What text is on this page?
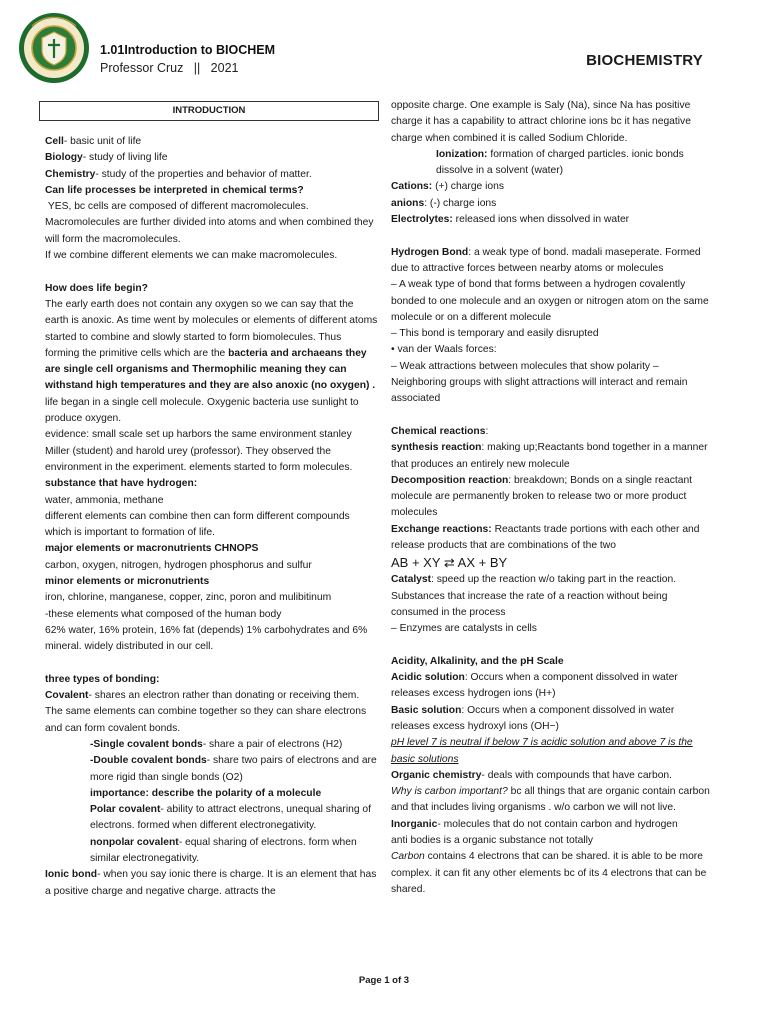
1.01Introduction to BIOCHEM
Professor Cruz   ||   2021	BIOCHEMISTRY
INTRODUCTION

Cell- basic unit of life

Biology- study of living life

Chemistry- study of the properties and behavior of matter.

Can life processes be interpreted in chemical terms?

YES, bc cells are composed of different macromolecules.

Macromolecules are further divided into atoms and when combined they will form the macromolecules.

If we combine different elements we can make macromolecules.

How does life begin?

The early earth does not contain any oxygen so we can say that the earth is anoxic. As time went by molecules or elements of different atoms started to combine and slowly started to form biomolecules. Thus forming the primitive cells which are the bacteria and archaeans they are single cell organisms and Thermophilic meaning they can withstand high temperatures and they are also anoxic (no oxygen) . life began in a single cell molecule. Oxygenic bacteria use sunlight to produce oxygen.

evidence: small scale set up harbors the same environment stanley Miller (student) and harold urey (professor). They observed the environment in the experiment. elements started to form molecules.

substance that have hydrogen:

water, ammonia, methane

different elements can combine then can form different compounds which is important to formation of life.

major elements or macronutrients CHNOPS

carbon, oxygen, nitrogen, hydrogen phosphorus and sulfur

minor elements or micronutrients

iron, chlorine, manganese, copper, zinc, poron and mulibitinum

-these elements what composed of the human body

62% water, 16% protein, 16% fat (depends) 1% carbohydrates and 6% mineral. widely distributed in our cell.

three types of bonding:

Covalent- shares an electron rather than donating or receiving them. The same elements can combine together so they can share electrons and can form covalent bonds.

-Single covalent bonds- share a pair of electrons (H2)

-Double covalent bonds- share two pairs of electrons and are more rigid than single bonds (O2)

importance: describe the polarity of a molecule

Polar covalent- ability to attract electrons, unequal sharing of electrons. formed when different electronegativity.

nonpolar covalent- equal sharing of electrons. form when similar electronegativity.

Ionic bond- when you say ionic there is charge. It is an element that has a positive charge and negative charge. attracts the

opposite charge. One example is Saly (Na), since Na has positive charge it has a capability to attract chlorine ions bc it has negative charge when combined it is called Sodium Chloride.

Ionization: formation of charged particles. ionic bonds dissolve in a solvent (water)

Cations: (+) charge ions

anions: (-) charge ions

Electrolytes: released ions when dissolved in water

Hydrogen Bond: a weak type of bond. madali maseperate. Formed due to attractive forces between nearby atoms or molecules

– A weak type of bond that forms between a hydrogen covalently bonded to one molecule and an oxygen or nitrogen atom on the same molecule or on a different molecule

– This bond is temporary and easily disrupted

• van der Waals forces:

– Weak attractions between molecules that show polarity – Neighboring groups with slight attractions will interact and remain associated

Chemical reactions:

synthesis reaction: making up;Reactants bond together in a manner that produces an entirely new molecule

Decomposition reaction: breakdown; Bonds on a single reactant molecule are permanently broken to release two or more product molecules

Exchange reactions: Reactants trade portions with each other and release products that are combinations of the two

AB + XY ⇄ AX + BY

Catalyst: speed up the reaction w/o taking part in the reaction. Substances that increase the rate of a reaction without being consumed in the process

– Enzymes are catalysts in cells

Acidity, Alkalinity, and the pH Scale

Acidic solution: Occurs when a component dissolved in water releases excess hydrogen ions (H+)

Basic solution: Occurs when a component dissolved in water releases excess hydroxyl ions (OH−)

pH level 7 is neutral if below 7 is acidic solution and above 7 is the basic solutions

Organic chemistry- deals with compounds that have carbon.

Why is carbon important? bc all things that are organic contain carbon and that includes living organisms . w/o carbon we will not live.

Inorganic- molecules that do not contain carbon and hydrogen

anti bodies is a organic substance not totally

Carbon contains 4 electrons that can be shared. it is able to be more complex. it can fit any other elements bc of its 4 electrons that can be shared.

Page 1 of 3
